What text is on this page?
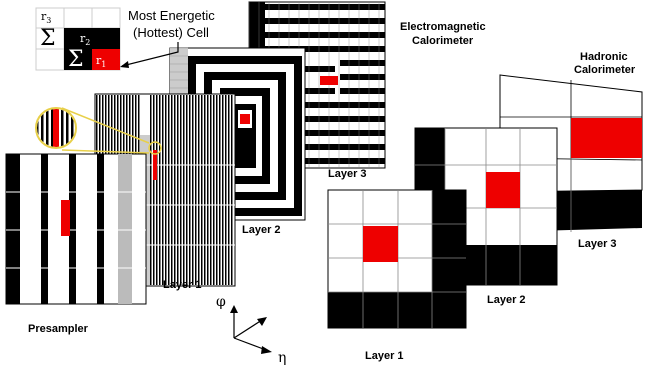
$r_3$
Σ $r_2$
Σ $r_1$
Most Energetic
(Hottest) Cell	Electromagnetic
Calorimeter
Hadronic
Calorimeter
Presampler
Layer 1
Layer 2
Layer 3
Layer 1
Layer 2
Layer 3
φ
η
